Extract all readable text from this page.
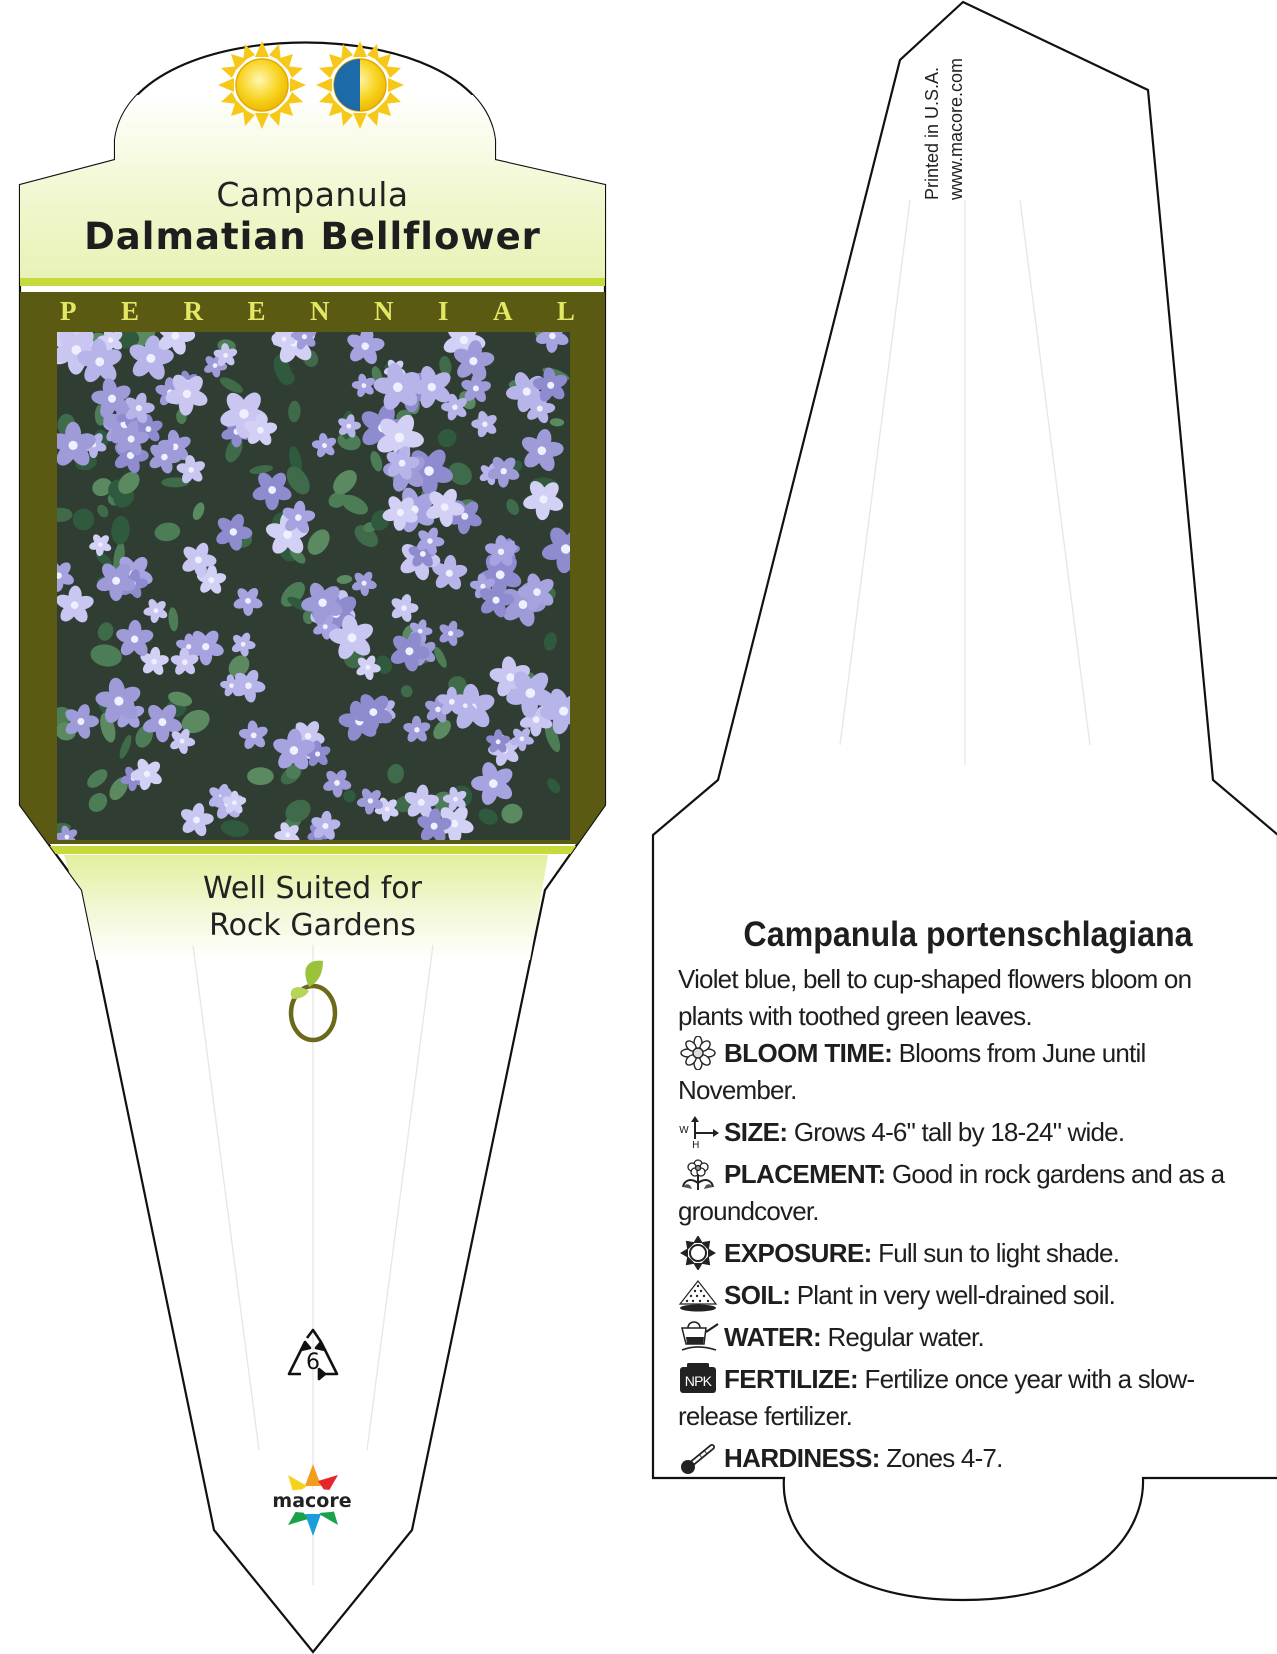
Campanula
Dalmatian Bellflower
P E R E N N I A L
Well Suited for
Rock Gardens
6
macore
Printed in U.S.A. www.macore.com
Campanula portenschlagiana
Violet blue, bell to cup-shaped flowers bloom on plants with toothed green leaves.
BLOOM TIME: Blooms from June until November.
W
H SIZE: Grows 4-6" tall by 18-24" wide.
PLACEMENT: Good in rock gardens and as a groundcover.
EXPOSURE: Full sun to light shade.
SOIL: Plant in very well-drained soil.
WATER: Regular water.
NPK FERTILIZE: Fertilize once year with a slow-release fertilizer.
HARDINESS: Zones 4-7.
